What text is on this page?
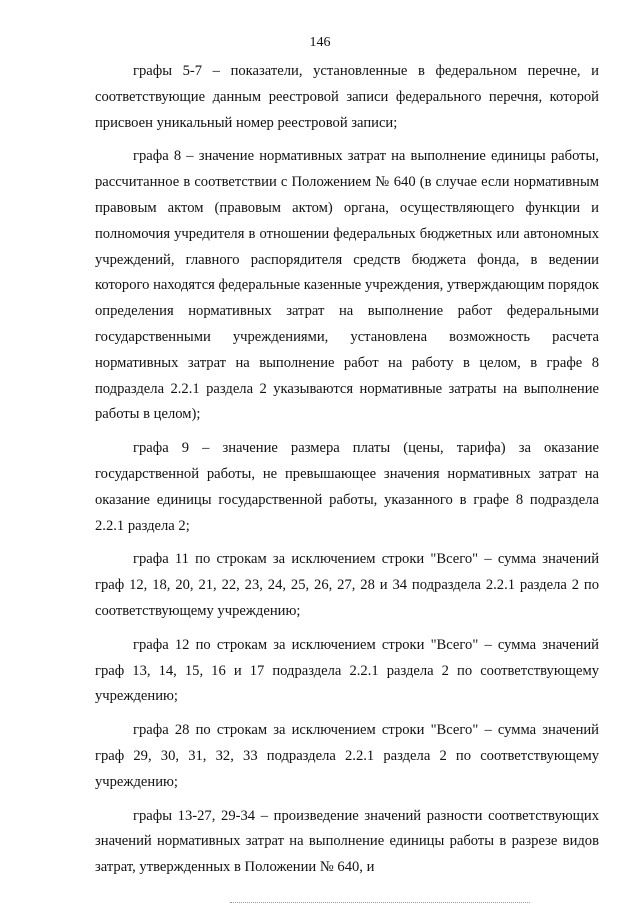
146

графы 5-7 – показатели, установленные в федеральном перечне, и соответствующие данным реестровой записи федерального перечня, которой присвоен уникальный номер реестровой записи;

графа 8 – значение нормативных затрат на выполнение единицы работы, рассчитанное в соответствии с Положением № 640 (в случае если нормативным правовым актом (правовым актом) органа, осуществляющего функции и полномочия учредителя в отношении федеральных бюджетных или автономных учреждений, главного распорядителя средств бюджета фонда, в ведении которого находятся федеральные казенные учреждения, утверждающим порядок определения нормативных затрат на выполнение работ федеральными государственными учреждениями, установлена возможность расчета нормативных затрат на выполнение работ на работу в целом, в графе 8 подраздела 2.2.1 раздела 2 указываются нормативные затраты на выполнение работы в целом);

графа 9 – значение размера платы (цены, тарифа) за оказание государственной работы, не превышающее значения нормативных затрат на оказание единицы государственной работы, указанного в графе 8 подраздела 2.2.1 раздела 2;

графа 11 по строкам за исключением строки "Всего" – сумма значений граф 12, 18, 20, 21, 22, 23, 24, 25, 26, 27, 28 и 34 подраздела 2.2.1 раздела 2 по соответствующему учреждению;

графа 12 по строкам за исключением строки "Всего" – сумма значений граф 13, 14, 15, 16 и 17 подраздела 2.2.1 раздела 2 по соответствующему учреждению;

графа 28 по строкам за исключением строки "Всего" – сумма значений граф 29, 30, 31, 32, 33 подраздела 2.2.1 раздела 2 по соответствующему учреждению;

графы 13-27, 29-34 – произведение значений разности соответствующих значений нормативных затрат на выполнение единицы работы в разрезе видов затрат, утвержденных в Положении № 640, и
